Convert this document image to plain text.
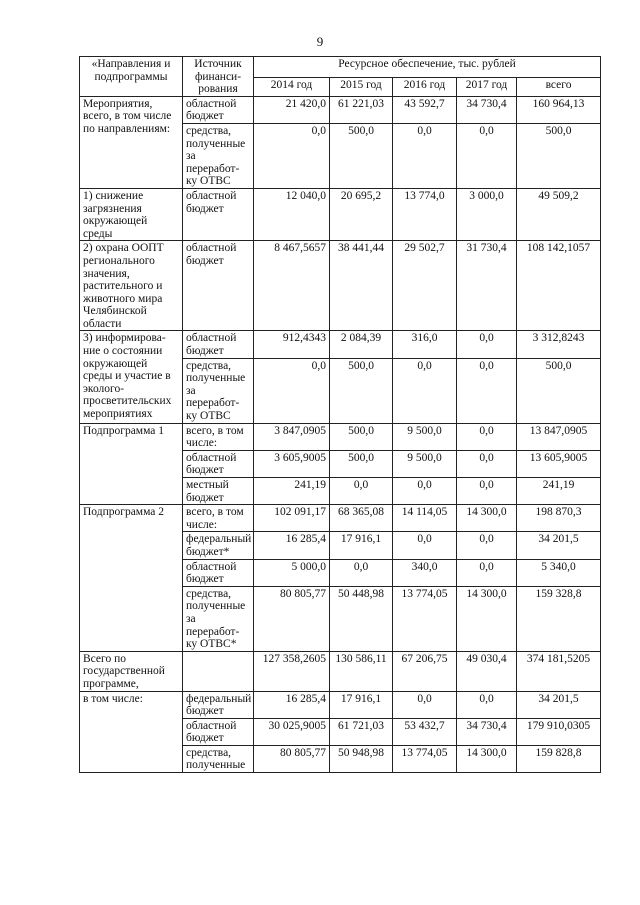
9
«Направления и подпрограммы	Источник финанси-рования	Ресурсное обеспечение, тыс. рублей				
		2014 год	2015 год	2016 год	2017 год	всего
Мероприятия, всего, в том числе по направлениям:	областной бюджет	21 420,0	61 221,03	43 592,7	34 730,4	160 964,13
	средства, полученные за переработ-ку ОТВС	0,0	500,0	0,0	0,0	500,0
1) снижение загрязнения окружающей среды	областной бюджет	12 040,0	20 695,2	13 774,0	3 000,0	49 509,2
2) охрана ООПТ регионального значения, растительного и животного мира Челябинской области	областной бюджет	8 467,5657	38 441,44	29 502,7	31 730,4	108 142,1057
3) информирова-ние о состоянии окружающей среды и участие в эколого-просветительских мероприятиях	областной бюджет	912,4343	2 084,39	316,0	0,0	3 312,8243
	средства, полученные за переработ-ку ОТВС	0,0	500,0	0,0	0,0	500,0
Подпрограмма 1	всего, в том числе:	3 847,0905	500,0	9 500,0	0,0	13 847,0905
	областной бюджет	3 605,9005	500,0	9 500,0	0,0	13 605,9005
	местный бюджет	241,19	0,0	0,0	0,0	241,19
Подпрограмма 2	всего, в том числе:	102 091,17	68 365,08	14 114,05	14 300,0	198 870,3
	федеральный бюджет*	16 285,4	17 916,1	0,0	0,0	34 201,5
	областной бюджет	5 000,0	0,0	340,0	0,0	5 340,0
	средства, полученные за переработ-ку ОТВС*	80 805,77	50 448,98	13 774,05	14 300,0	159 328,8
Всего по государственной программе,		127 358,2605	130 586,11	67 206,75	49 030,4	374 181,5205
в том числе:	федеральный бюджет	16 285,4	17 916,1	0,0	0,0	34 201,5
	областной бюджет	30 025,9005	61 721,03	53 432,7	34 730,4	179 910,0305
	средства, полученные	80 805,77	50 948,98	13 774,05	14 300,0	159 828,8
